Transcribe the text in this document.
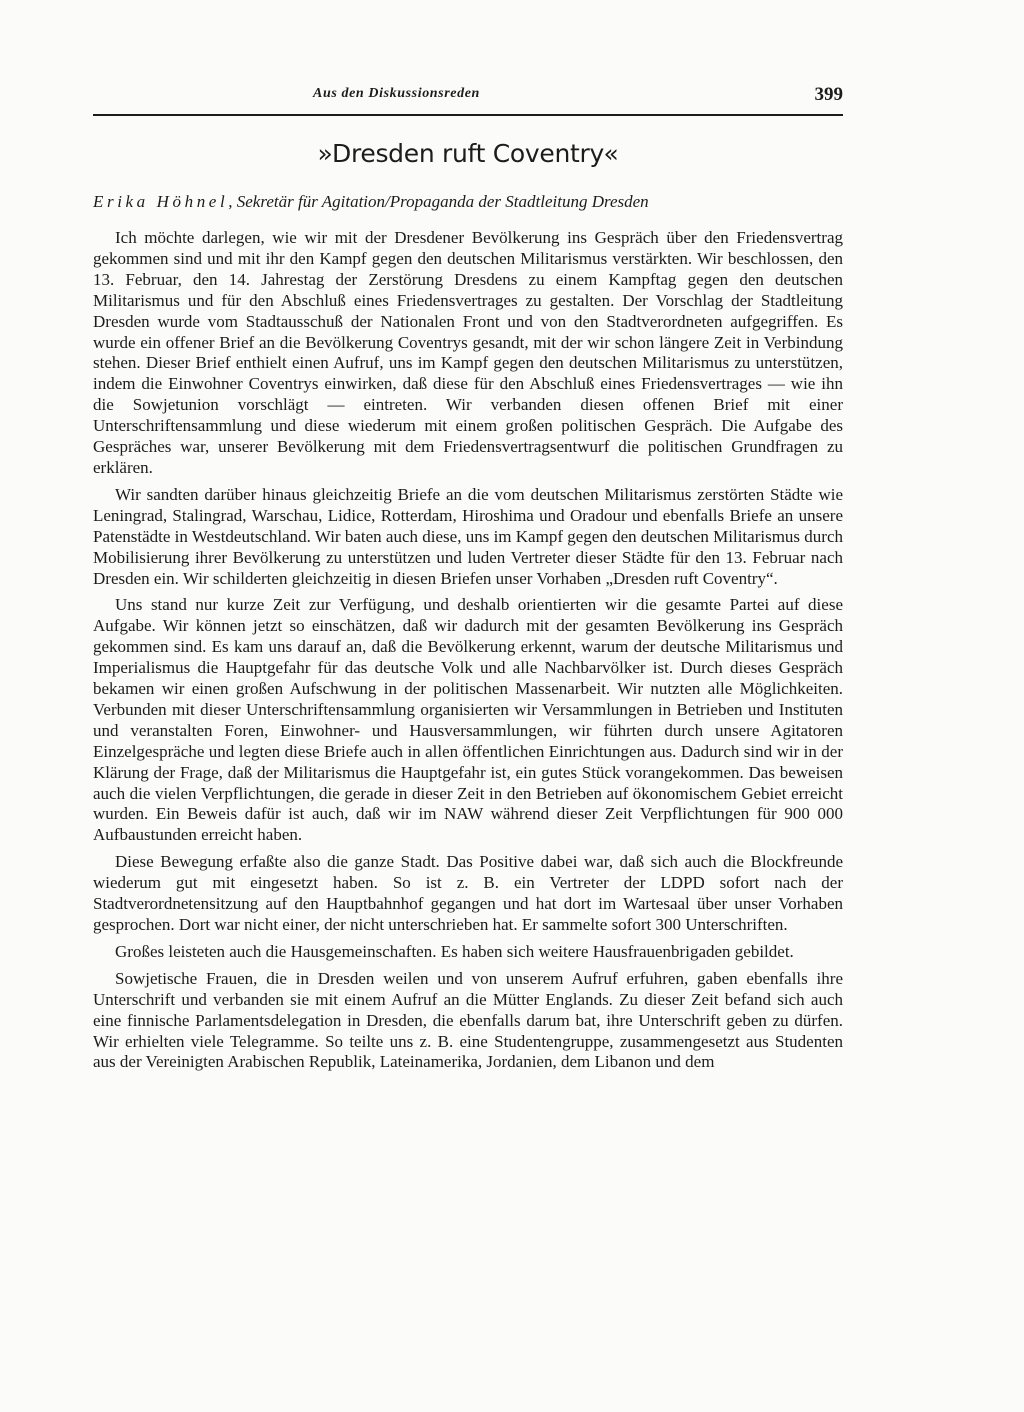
Aus den Diskussionsreden	399
»Dresden ruft Coventry«
Erika Höhnel, Sekretär für Agitation/Propaganda der Stadtleitung Dresden

Ich möchte darlegen, wie wir mit der Dresdener Bevölkerung ins Gespräch über den Friedensvertrag gekommen sind und mit ihr den Kampf gegen den deutschen Militarismus verstärkten. Wir beschlossen, den 13. Februar, den 14. Jahrestag der Zerstörung Dresdens zu einem Kampftag gegen den deutschen Militarismus und für den Abschluß eines Friedensvertrages zu gestalten. Der Vorschlag der Stadtleitung Dresden wurde vom Stadtausschuß der Nationalen Front und von den Stadtverordneten aufgegriffen. Es wurde ein offener Brief an die Bevölkerung Coventrys gesandt, mit der wir schon längere Zeit in Verbindung stehen. Dieser Brief enthielt einen Aufruf, uns im Kampf gegen den deutschen Militarismus zu unterstützen, indem die Einwohner Coventrys einwirken, daß diese für den Abschluß eines Friedensvertrages — wie ihn die Sowjetunion vorschlägt — eintreten. Wir verbanden diesen offenen Brief mit einer Unterschriftensammlung und diese wiederum mit einem großen politischen Gespräch. Die Aufgabe des Gespräches war, unserer Bevölkerung mit dem Friedensvertragsentwurf die politischen Grundfragen zu erklären.

Wir sandten darüber hinaus gleichzeitig Briefe an die vom deutschen Militarismus zerstörten Städte wie Leningrad, Stalingrad, Warschau, Lidice, Rotterdam, Hiroshima und Oradour und ebenfalls Briefe an unsere Patenstädte in Westdeutschland. Wir baten auch diese, uns im Kampf gegen den deutschen Militarismus durch Mobilisierung ihrer Bevölkerung zu unterstützen und luden Vertreter dieser Städte für den 13. Februar nach Dresden ein. Wir schilderten gleichzeitig in diesen Briefen unser Vorhaben „Dresden ruft Coventry“.

Uns stand nur kurze Zeit zur Verfügung, und deshalb orientierten wir die gesamte Partei auf diese Aufgabe. Wir können jetzt so einschätzen, daß wir dadurch mit der gesamten Bevölkerung ins Gespräch gekommen sind. Es kam uns darauf an, daß die Bevölkerung erkennt, warum der deutsche Militarismus und Imperialismus die Hauptgefahr für das deutsche Volk und alle Nachbarvölker ist. Durch dieses Gespräch bekamen wir einen großen Aufschwung in der politischen Massenarbeit. Wir nutzten alle Möglichkeiten. Verbunden mit dieser Unterschriftensammlung organisierten wir Versammlungen in Betrieben und Instituten und veranstalten Foren, Einwohner- und Hausversammlungen, wir führten durch unsere Agitatoren Einzelgespräche und legten diese Briefe auch in allen öffentlichen Einrichtungen aus. Dadurch sind wir in der Klärung der Frage, daß der Militarismus die Hauptgefahr ist, ein gutes Stück vorangekommen. Das beweisen auch die vielen Verpflichtungen, die gerade in dieser Zeit in den Betrieben auf ökonomischem Gebiet erreicht wurden. Ein Beweis dafür ist auch, daß wir im NAW während dieser Zeit Verpflichtungen für 900 000 Aufbaustunden erreicht haben.

Diese Bewegung erfaßte also die ganze Stadt. Das Positive dabei war, daß sich auch die Blockfreunde wiederum gut mit eingesetzt haben. So ist z. B. ein Vertreter der LDPD sofort nach der Stadtverordnetensitzung auf den Hauptbahnhof gegangen und hat dort im Wartesaal über unser Vorhaben gesprochen. Dort war nicht einer, der nicht unterschrieben hat. Er sammelte sofort 300 Unterschriften.

Großes leisteten auch die Hausgemeinschaften. Es haben sich weitere Hausfrauenbrigaden gebildet.

Sowjetische Frauen, die in Dresden weilen und von unserem Aufruf erfuhren, gaben ebenfalls ihre Unterschrift und verbanden sie mit einem Aufruf an die Mütter Englands. Zu dieser Zeit befand sich auch eine finnische Parlamentsdelegation in Dresden, die ebenfalls darum bat, ihre Unterschrift geben zu dürfen. Wir erhielten viele Telegramme. So teilte uns z. B. eine Studentengruppe, zusammengesetzt aus Studenten aus der Vereinigten Arabischen Republik, Lateinamerika, Jordanien, dem Libanon und dem
